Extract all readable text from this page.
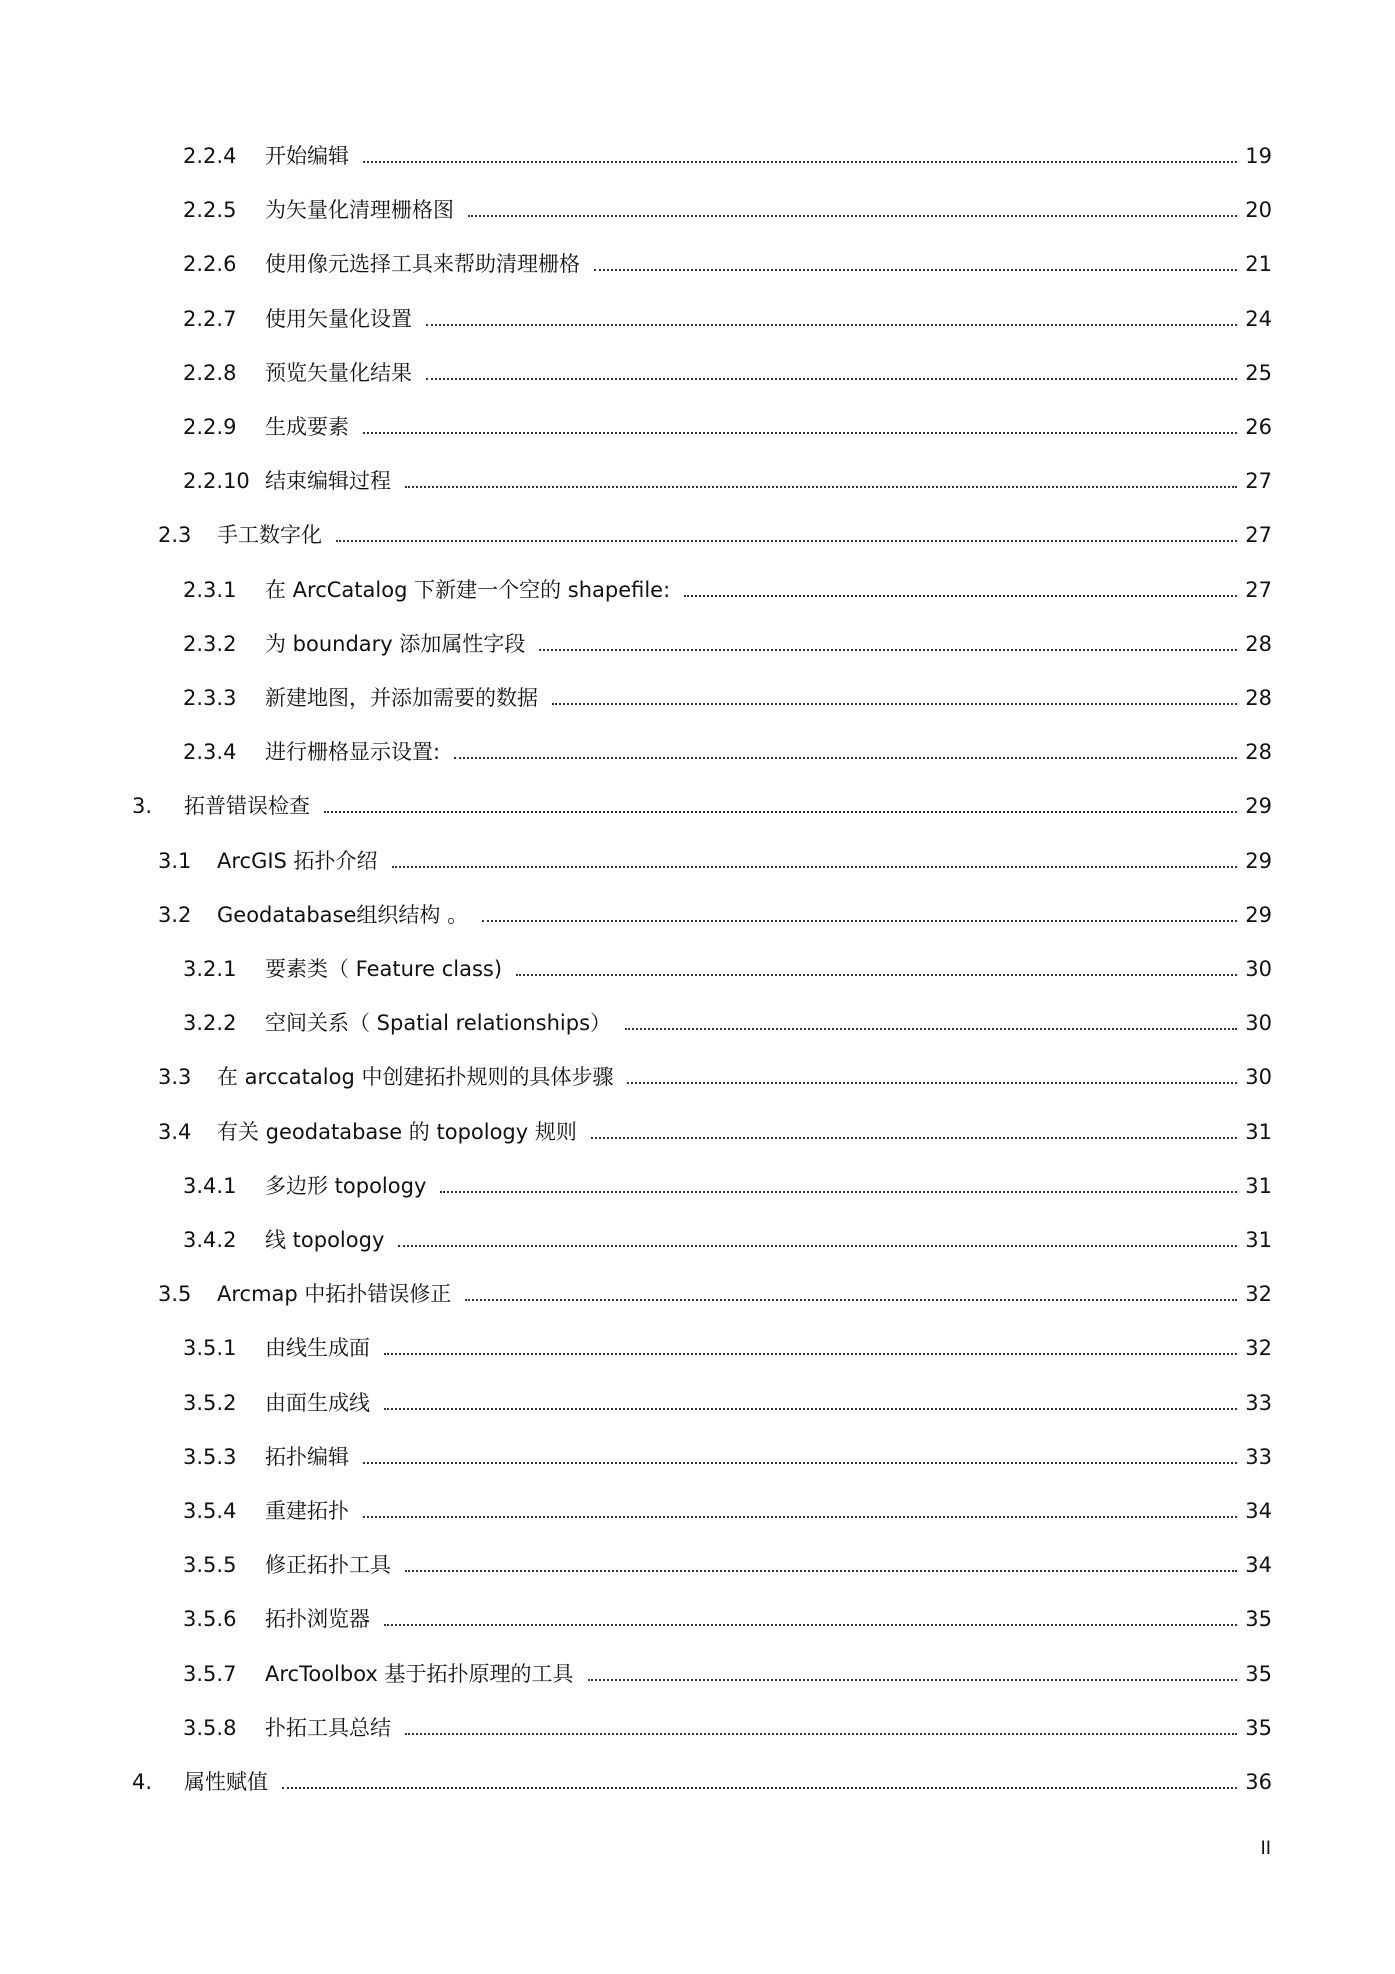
2.2.4	开始编辑	19
2.2.5	为矢量化清理栅格图	20
2.2.6	使用像元选择工具来帮助清理栅格	21
2.2.7	使用矢量化设置	24
2.2.8	预览矢量化结果	25
2.2.9	生成要素	26
2.2.10 结束编辑过程	27
2.3	手工数字化	27
2.3.1	在 ArcCatalog 下新建一个空的 shapefile:	27
2.3.2	为 boundary 添加属性字段	28
2.3.3	新建地图，并添加需要的数据	28
2.3.4	进行栅格显示设置:	28
3.	拓普错误检查	29
3.1	ArcGIS 拓扑介绍	29
3.2	Geodatabase组织结构 。	29
3.2.1	要素类（ Feature class)	30
3.2.2	空间关系（ Spatial relationships）	30
3.3	在 arccatalog 中创建拓扑规则的具体步骤	30
3.4	有关 geodatabase 的 topology 规则	31
3.4.1	多边形 topology	31
3.4.2	线 topology	31
3.5	Arcmap 中拓扑错误修正	32
3.5.1	由线生成面	32
3.5.2	由面生成线	33
3.5.3	拓扑编辑	33
3.5.4	重建拓扑	34
3.5.5	修正拓扑工具	34
3.5.6	拓扑浏览器	35
3.5.7	ArcToolbox 基于拓扑原理的工具	35
3.5.8	扑拓工具总结	35
4.	属性赋值	36
II
